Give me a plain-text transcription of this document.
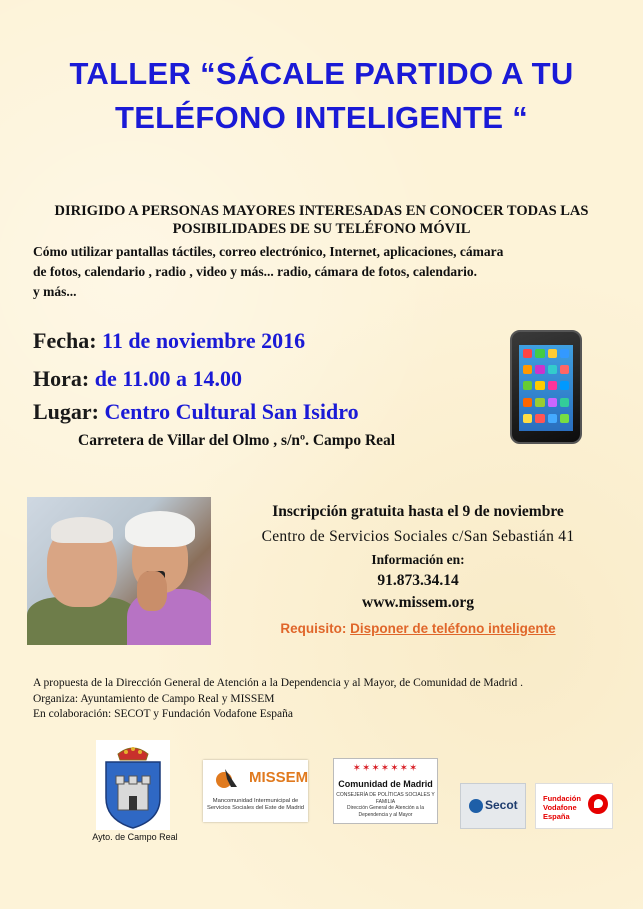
TALLER “SÁCALE PARTIDO A TU
TELÉFONO INTELIGENTE “
DIRIGIDO A PERSONAS MAYORES INTERESADAS EN CONOCER TODAS LAS
POSIBILIDADES DE SU TELÉFONO MÓVIL
Cómo utilizar pantallas táctiles, correo electrónico, Internet, aplicaciones, cámara
de fotos, calendario , radio , video y más... radio, cámara de fotos, calendario.
y más...
Fecha: 11 de noviembre 2016
Hora: de 11.00 a 14.00
Lugar: Centro Cultural San Isidro
Carretera de Villar del Olmo , s/nº. Campo Real
Inscripción gratuita hasta el 9 de noviembre
Centro de Servicios Sociales c/San Sebastián 41
Información en:
91.873.34.14
www.missem.org
Requisito: Disponer de teléfono inteligente
A propuesta de la Dirección General de Atención a la Dependencia y al Mayor, de Comunidad de Madrid .
Organiza: Ayuntamiento de Campo Real y MISSEM
En colaboración: SECOT y Fundación Vodafone España
Ayto. de Campo Real
MISSEM
Mancomunidad Intermunicipal de Servicios Sociales del Este de Madrid
✶✶✶✶✶✶✶
Comunidad de Madrid
CONSEJERÍA DE POLÍTICAS SOCIALES Y FAMILIA
Dirección General de Atención a la Dependencia y al Mayor
Secot	Fundación
Vodafone
España
